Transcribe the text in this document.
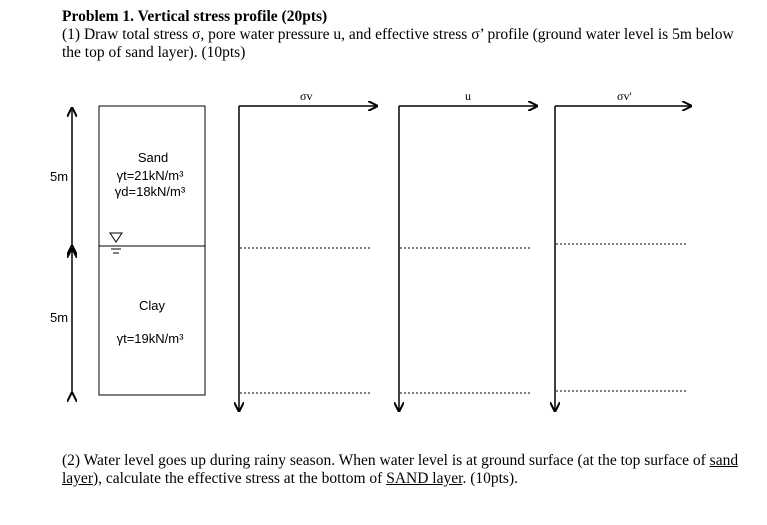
Problem 1. Vertical stress profile (20pts)
(1) Draw total stress σ, pore water pressure u, and effective stress σ’ profile (ground water level is 5m below the top of sand layer). (10pts)
5m
5m
Sand
γt=21kN/m³
γd=18kN/m³
Clay
γt=19kN/m³
σv	u	σv'
(2) Water level goes up during rainy season. When water level is at ground surface (at the top surface of sand layer), calculate the effective stress at the bottom of SAND layer. (10pts).
